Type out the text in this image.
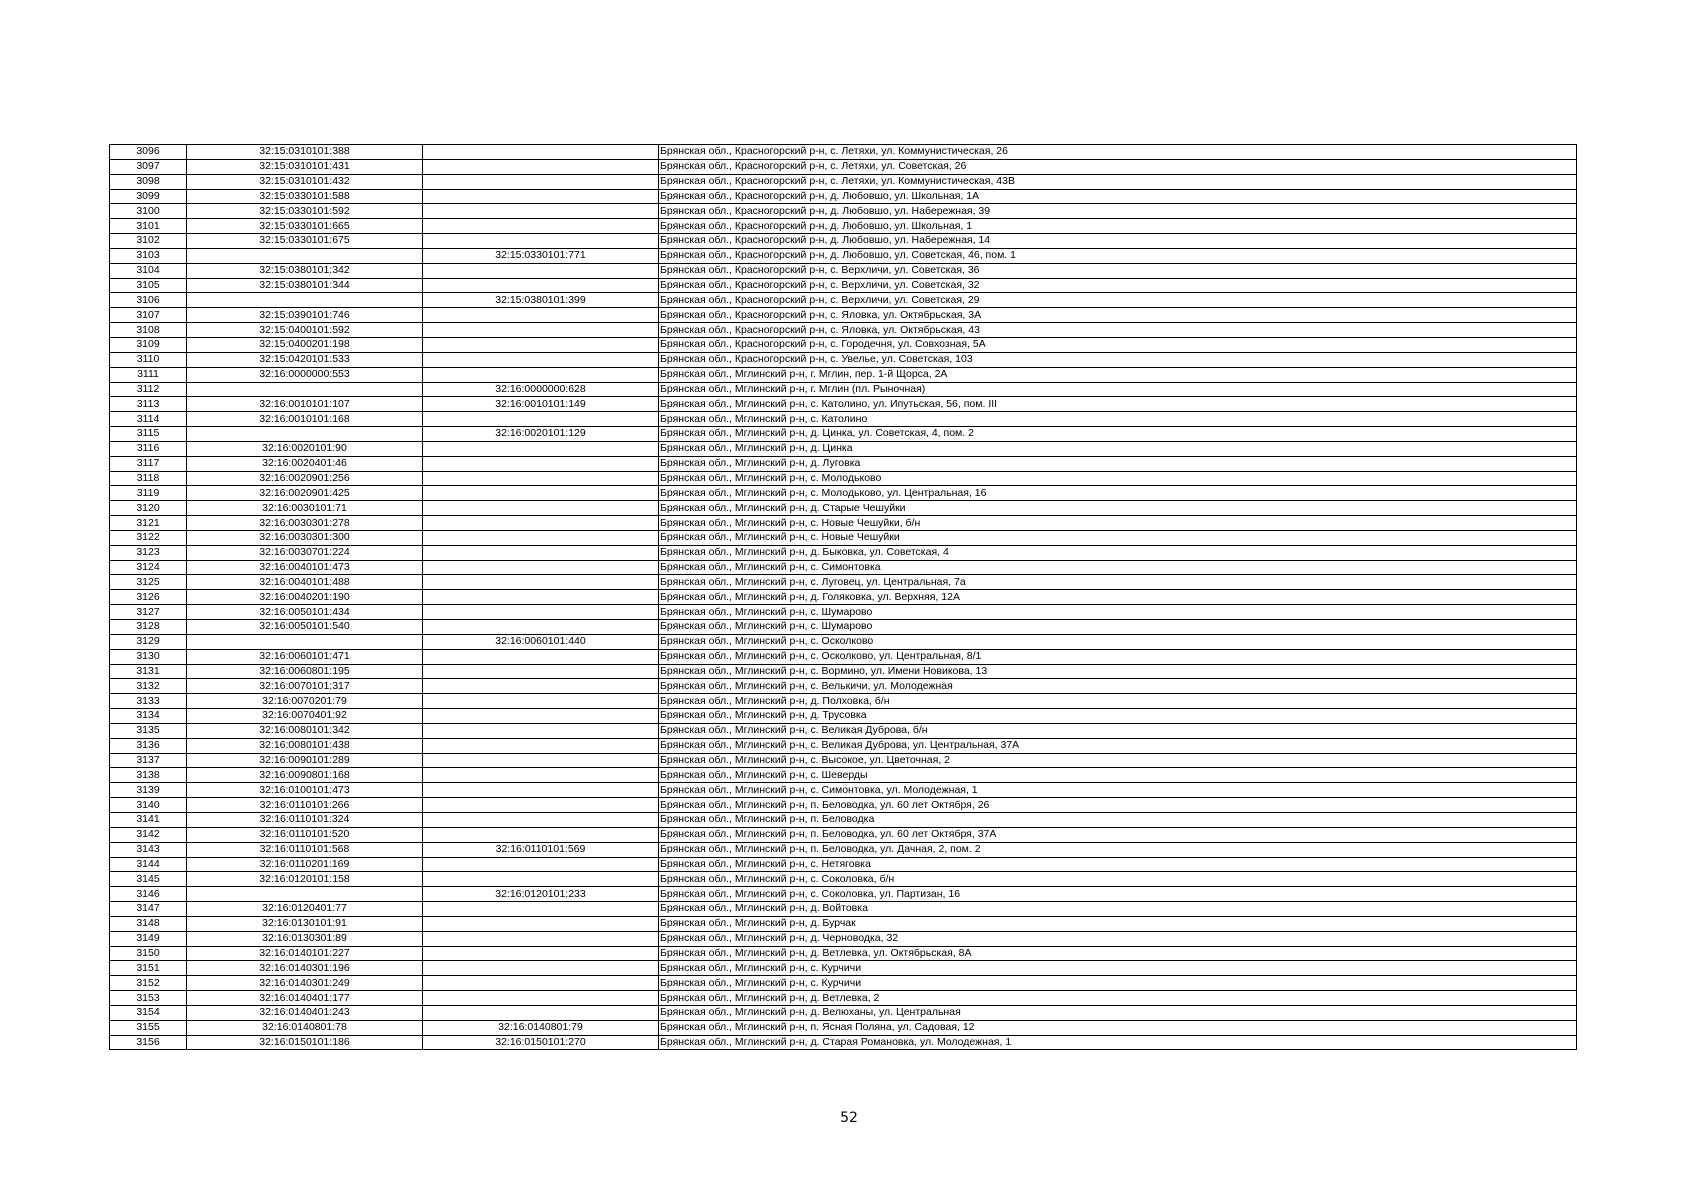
3096	32:15:0310101:388		Брянская обл., Красногорский р-н, с. Летяхи, ул. Коммунистическая, 26
3097	32:15:0310101:431		Брянская обл., Красногорский р-н, с. Летяхи, ул. Советская, 26
3098	32:15:0310101:432		Брянская обл., Красногорский р-н, с. Летяхи, ул. Коммунистическая, 43В
3099	32:15:0330101:588		Брянская обл., Красногорский р-н, д. Любовшо, ул. Школьная, 1А
3100	32:15:0330101:592		Брянская обл., Красногорский р-н, д. Любовшо, ул. Набережная, 39
3101	32:15:0330101:665		Брянская обл., Красногорский р-н, д. Любовшо, ул. Школьная, 1
3102	32:15:0330101:675		Брянская обл., Красногорский р-н, д. Любовшо, ул. Набережная, 14
3103		32:15:0330101:771	Брянская обл., Красногорский р-н, д. Любовшо, ул. Советская, 46, пом. 1
3104	32:15:0380101:342		Брянская обл., Красногорский р-н, с. Верхличи, ул. Советская, 36
3105	32:15:0380101:344		Брянская обл., Красногорский р-н, с. Верхличи, ул. Советская, 32
3106		32:15:0380101:399	Брянская обл., Красногорский р-н, с. Верхличи, ул. Советская, 29
3107	32:15:0390101:746		Брянская обл., Красногорский р-н, с. Яловка, ул. Октябрьская, 3А
3108	32:15:0400101:592		Брянская обл., Красногорский р-н, с. Яловка, ул. Октябрьская, 43
3109	32:15:0400201:198		Брянская обл., Красногорский р-н, с. Городечня, ул. Совхозная, 5А
3110	32:15:0420101:533		Брянская обл., Красногорский р-н, с. Увелье, ул. Советская, 103
3111	32:16:0000000:553		Брянская обл., Мглинский р-н, г. Мглин, пер. 1-й Щорса, 2А
3112		32:16:0000000:628	Брянская обл., Мглинский р-н, г. Мглин (пл. Рыночная)
3113	32:16:0010101:107	32:16:0010101:149	Брянская обл., Мглинский р-н, с. Католино, ул. Ипутьская, 56, пом. III
3114	32:16:0010101:168		Брянская обл., Мглинский р-н, с. Католино
3115		32:16:0020101:129	Брянская обл., Мглинский р-н, д. Цинка, ул. Советская, 4, пом. 2
3116	32:16:0020101:90		Брянская обл., Мглинский р-н, д. Цинка
3117	32:16:0020401:46		Брянская обл., Мглинский р-н, д. Луговка
3118	32:16:0020901:256		Брянская обл., Мглинский р-н, с. Молодьково
3119	32:16:0020901:425		Брянская обл., Мглинский р-н, с. Молодьково, ул. Центральная, 16
3120	32:16:0030101:71		Брянская обл., Мглинский р-н, д. Старые Чешуйки
3121	32:16:0030301:278		Брянская обл., Мглинский р-н, с. Новые Чешуйки, б/н
3122	32:16:0030301:300		Брянская обл., Мглинский р-н, с. Новые Чешуйки
3123	32:16:0030701:224		Брянская обл., Мглинский р-н, д. Быковка, ул. Советская, 4
3124	32:16:0040101:473		Брянская обл., Мглинский р-н, с. Симонтовка
3125	32:16:0040101:488		Брянская обл., Мглинский р-н, с. Луговец, ул. Центральная, 7а
3126	32:16:0040201:190		Брянская обл., Мглинский р-н, д. Голяковка, ул. Верхняя, 12А
3127	32:16:0050101:434		Брянская обл., Мглинский р-н, с. Шумарово
3128	32:16:0050101:540		Брянская обл., Мглинский р-н, с. Шумарово
3129		32:16:0060101:440	Брянская обл., Мглинский р-н, с. Осколково
3130	32:16:0060101:471		Брянская обл., Мглинский р-н, с. Осколково, ул. Центральная, 8/1
3131	32:16:0060801:195		Брянская обл., Мглинский р-н, с. Вормино, ул. Имени Новикова, 13
3132	32:16:0070101:317		Брянская обл., Мглинский р-н, с. Велькичи, ул. Молодежная
3133	32:16:0070201:79		Брянская обл., Мглинский р-н, д. Полховка, б/н
3134	32:16:0070401:92		Брянская обл., Мглинский р-н, д. Трусовка
3135	32:16:0080101:342		Брянская обл., Мглинский р-н, с. Великая Дуброва, б/н
3136	32:16:0080101:438		Брянская обл., Мглинский р-н, с. Великая Дуброва, ул. Центральная, 37А
3137	32:16:0090101:289		Брянская обл., Мглинский р-н, с. Высокое, ул. Цветочная, 2
3138	32:16:0090801:168		Брянская обл., Мглинский р-н, с. Шеверды
3139	32:16:0100101:473		Брянская обл., Мглинский р-н, с. Симонтовка, ул. Молодежная, 1
3140	32:16:0110101:266		Брянская обл., Мглинский р-н, п. Беловодка, ул. 60 лет Октября, 26
3141	32:16:0110101:324		Брянская обл., Мглинский р-н, п. Беловодка
3142	32:16:0110101:520		Брянская обл., Мглинский р-н, п. Беловодка, ул. 60 лет Октября, 37А
3143	32:16:0110101:568	32:16:0110101:569	Брянская обл., Мглинский р-н, п. Беловодка, ул. Дачная, 2, пом. 2
3144	32:16:0110201:169		Брянская обл., Мглинский р-н, с. Нетяговка
3145	32:16:0120101:158		Брянская обл., Мглинский р-н, с. Соколовка, б/н
3146		32:16:0120101:233	Брянская обл., Мглинский р-н, с. Соколовка, ул. Партизан, 16
3147	32:16:0120401:77		Брянская обл., Мглинский р-н, д. Войтовка
3148	32:16:0130101:91		Брянская обл., Мглинский р-н, д. Бурчак
3149	32:16:0130301:89		Брянская обл., Мглинский р-н, д. Черноводка, 32
3150	32:16:0140101:227		Брянская обл., Мглинский р-н, д. Ветлевка, ул. Октябрьская, 8А
3151	32:16:0140301:196		Брянская обл., Мглинский р-н, с. Курчичи
3152	32:16:0140301:249		Брянская обл., Мглинский р-н, с. Курчичи
3153	32:16:0140401:177		Брянская обл., Мглинский р-н, д. Ветлевка, 2
3154	32:16:0140401:243		Брянская обл., Мглинский р-н, д. Велюханы, ул. Центральная
3155	32:16:0140801:78	32:16:0140801:79	Брянская обл., Мглинский р-н, п. Ясная Поляна, ул. Садовая, 12
3156	32:16:0150101:186	32:16:0150101:270	Брянская обл., Мглинский р-н, д. Старая Романовка, ул. Молодежная, 1
52
